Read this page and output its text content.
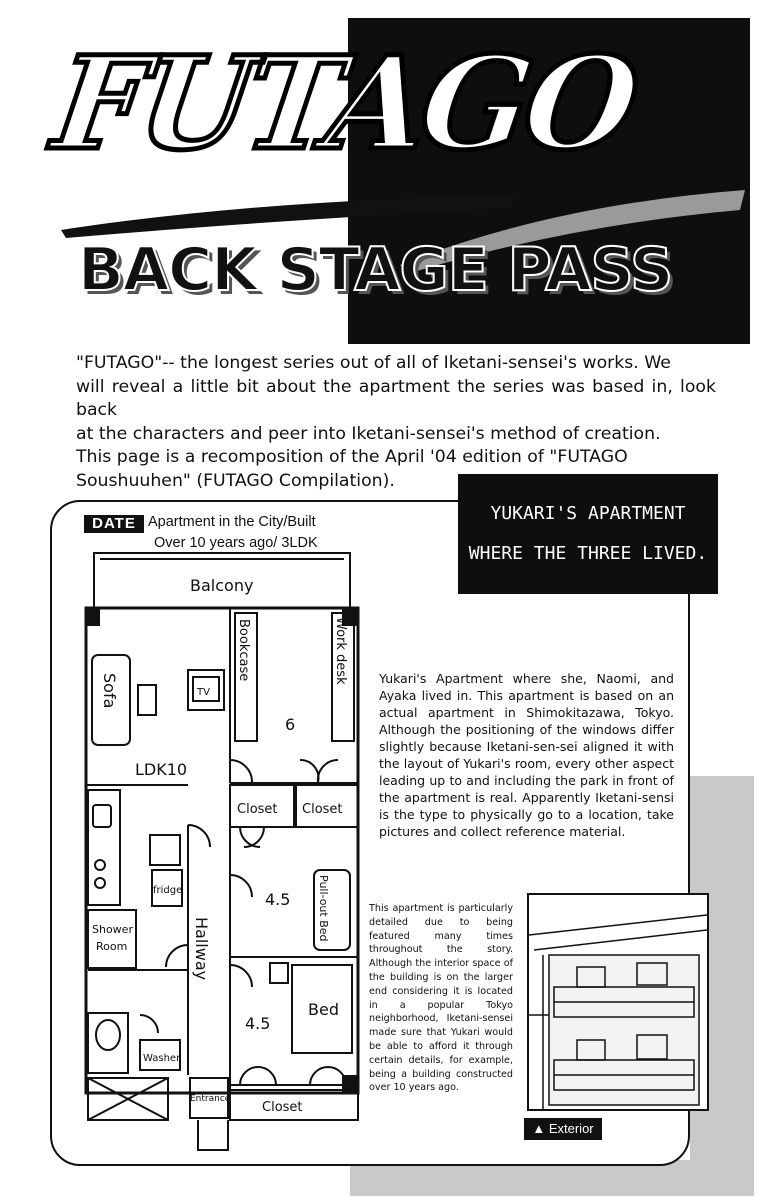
FUTAGO
BACK STAGE PASS

"FUTAGO"-- the longest series out of all of Iketani-sensei's works. We

will reveal a little bit about the apartment the series was based in, look back

at the characters and peer into Iketani-sensei's method of creation.

This page is a recomposition of the April '04 edition of "FUTAGO

Soushuuhen" (FUTAGO Compilation).

YUKARI'S APARTMENT
WHERE THE THREE LIVED.
DATE Apartment in the City/Built
Over 10 years ago/ 3LDK
Balcony
Sofa	TV
LDK10
Bookcase	Work desk
6
Closet Closet
4.5 Pull-out Bed
fridge
Shower
Room	Hallway
4.5
Bed
Washer
Entrance
Closet
Yukari's Apartment where she, Naomi, and Ayaka lived in. This apartment is based on an actual apartment in Shimokitazawa, Tokyo. Although the positioning of the windows differ slightly because Iketani-sen-sei aligned it with the layout of Yukari's room, every other aspect leading up to and including the park in front of the apartment is real. Apparently Iketani-sensi is the type to physically go to a location, take pictures and collect reference material.
This apartment is particularly detailed due to being featured many times throughout the story. Although the interior space of the building is on the larger end considering it is located in a popular Tokyo neighborhood, Iketani-sensei made sure that Yukari would be able to afford it through certain details, for example, being a building constructed over 10 years ago.
▲ Exterior
